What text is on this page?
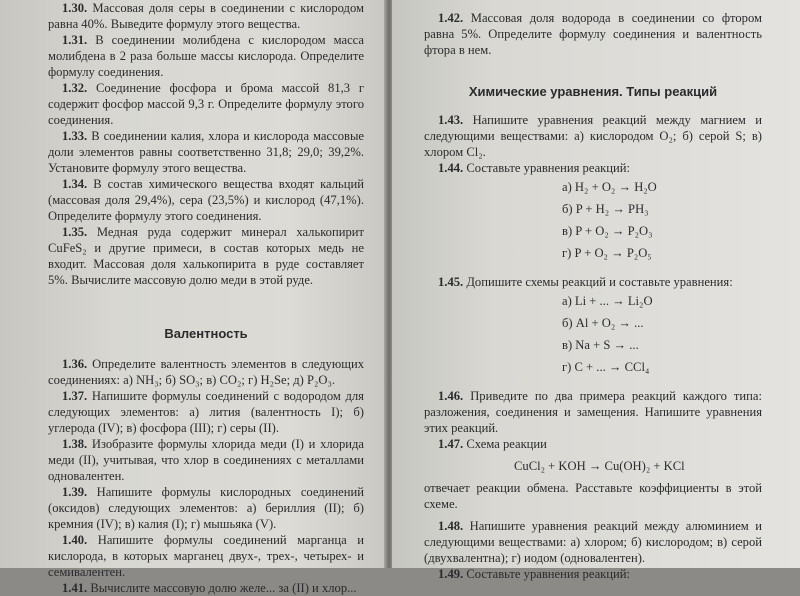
1.30. Массовая доля серы в соединении с кислородом равна 40%. Выведите формулу этого вещества.

1.31. В соединении молибдена с кислородом масса молибдена в 2 раза больше массы кислорода. Определите формулу соединения.

1.32. Соединение фосфора и брома массой 81,3 г содержит фосфор массой 9,3 г. Определите формулу этого соединения.

1.33. В соединении калия, хлора и кислорода массовые доли элементов равны соответственно 31,8; 29,0; 39,2%. Установите формулу этого вещества.

1.34. В состав химического вещества входят кальций (массовая доля 29,4%), сера (23,5%) и кислород (47,1%). Определите формулу этого соединения.

1.35. Медная руда содержит минерал халькопирит CuFeS₂ и другие примеси, в состав которых медь не входит. Массовая доля халькопирита в руде составляет 5%. Вычислите массовую долю меди в этой руде.

Валентность

1.36. Определите валентность элементов в следующих соединениях: а) NH₃; б) SO₃; в) CO₂; г) H₂Se; д) P₂O₃.

1.37. Напишите формулы соединений с водородом для следующих элементов: а) лития (валентность I); б) углерода (IV); в) фосфора (III); г) серы (II).

1.38. Изобразите формулы хлорида меди (I) и хлорида меди (II), учитывая, что хлор в соединениях с металлами одновалентен.

1.39. Напишите формулы кислородных соединений (оксидов) следующих элементов: а) бериллия (II); б) кремния (IV); в) калия (I); г) мышьяка (V).

1.40. Напишите формулы соединений марганца и кислорода, в которых марганец двух-, трех-, четырех- и семивалентен.

1.41. Вычислите массовую долю желе... за (II) и хлор...

1.42. Массовая доля водорода в соединении со фтором равна 5%. Определите формулу соединения и валентность фтора в нем.

Химические уравнения. Типы реакций

1.43. Напишите уравнения реакций между магнием и следующими веществами: а) кислородом O₂; б) серой S; в) хлором Cl₂.

1.44. Составьте уравнения реакций:

а) H₂ + O₂ → H₂O
б) P + H₂ → PH₃
в) P + O₂ → P₂O₃
г) P + O₂ → P₂O₅

1.45. Допишите схемы реакций и составьте уравнения:

а) Li + ... → Li₂O
б) Al + O₂ → ...
в) Na + S → ...
г) C + ... → CCl₄

1.46. Приведите по два примера реакций каждого типа: разложения, соединения и замещения. Напишите уравнения этих реакций.

1.47. Схема реакции

CuCl₂ + KOH → Cu(OH)₂ + KCl

отвечает реакции обмена. Расставьте коэффициенты в этой схеме.

1.48. Напишите уравнения реакций между алюминием и следующими веществами: а) хлором; б) кислородом; в) серой (двухвалентна); г) иодом (одновалентен).

1.49. Составьте уравнения реакций:
